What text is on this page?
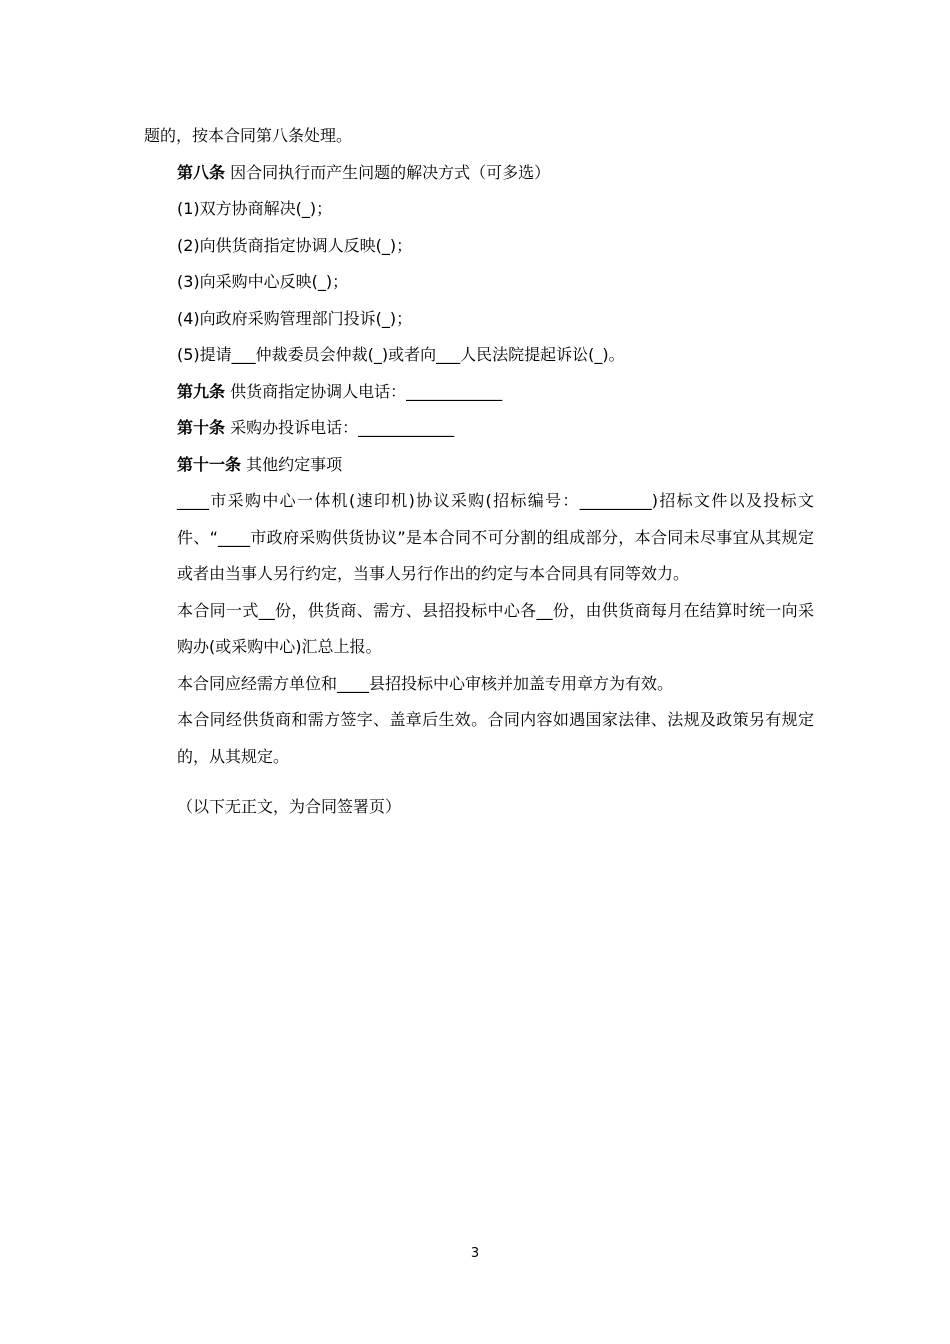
题的，按本合同第八条处理。

第八条 因合同执行而产生问题的解决方式（可多选）

(1)双方协商解决(_)；

(2)向供货商指定协调人反映(_)；

(3)向采购中心反映(_)；

(4)向政府采购管理部门投诉(_)；

(5)提请___仲裁委员会仲裁(_)或者向___人民法院提起诉讼(_)。

第九条 供货商指定协调人电话：____________

第十条 采购办投诉电话：____________

第十一条 其他约定事项

____市采购中心一体机(速印机)协议采购(招标编号：_________)招标文件以及投标文件、“____市政府采购供货协议”是本合同不可分割的组成部分，本合同未尽事宜从其规定或者由当事人另行约定，当事人另行作出的约定与本合同具有同等效力。

本合同一式__份，供货商、需方、县招投标中心各__份，由供货商每月在结算时统一向采购办(或采购中心)汇总上报。

本合同应经需方单位和____县招投标中心审核并加盖专用章方为有效。

本合同经供货商和需方签字、盖章后生效。合同内容如遇国家法律、法规及政策另有规定的，从其规定。

（以下无正文，为合同签署页）

3
